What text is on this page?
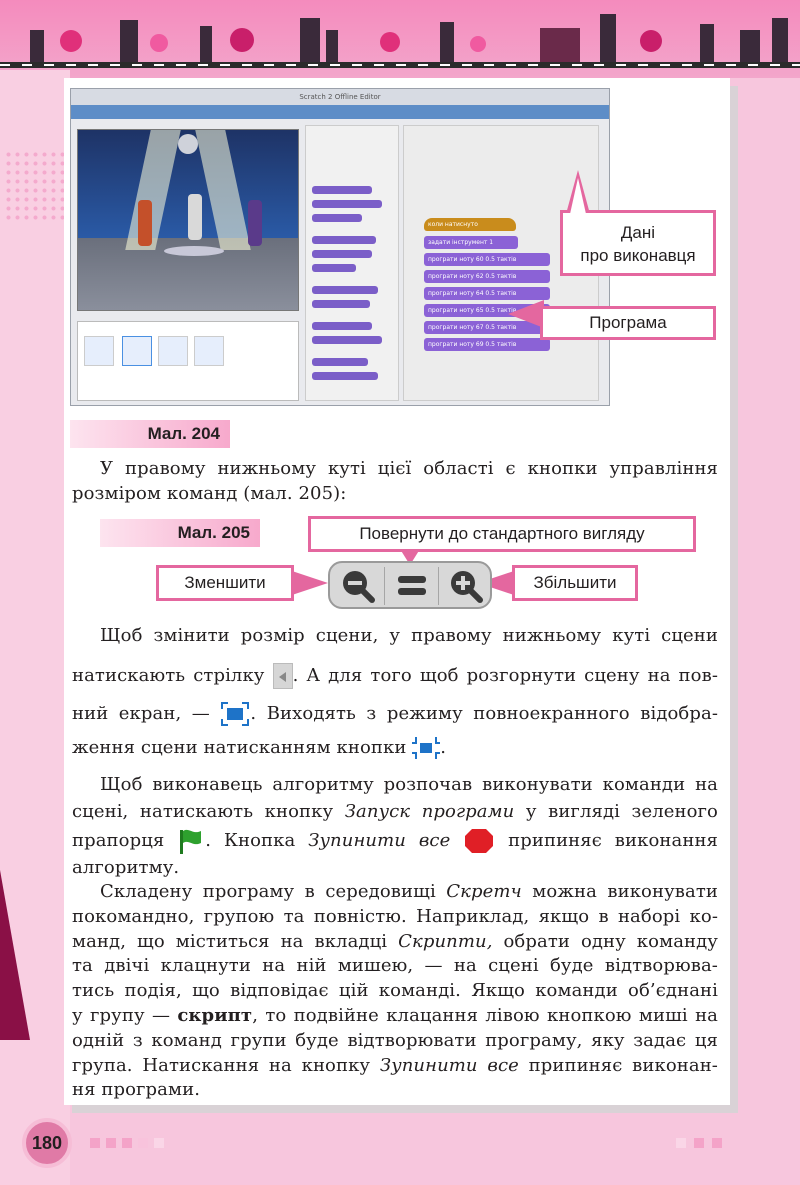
Scratch 2 Offline Editor
коли натиснуто
задати інструмент 1
програти ноту 60 0.5 тактів
програти ноту 62 0.5 тактів
програти ноту 64 0.5 тактів
програти ноту 65 0.5 тактів
програти ноту 67 0.5 тактів
програти ноту 69 0.5 тактів
Дані
про виконавця
Програма
Мал. 204
У правому нижньому куті цієї області є кнопки управління
розміром команд (мал. 205):
Мал. 205	Повернути до стандартного вигляду
Зменшити	Збільшити
Щоб змінити розмір сцени, у правому нижньому куті сцени
натискають стрілку . А для того щоб розгорнути сцену на пов-
ний екран, — . Виходять з режиму повноекранного відобра-
ження сцени натисканням кнопки .
Щоб виконавець алгоритму розпочав виконувати команди на
сцені, натискають кнопку Запуск програми у вигляді зеленого
прапорця . Кнопка Зупинити все	припиняє виконання
алгоритму.
Складену програму в середовищі Скретч можна виконувати
покомандно, групою та повністю. Наприклад, якщо в наборі ко-
манд, що міститься на вкладці Скрипти, обрати одну команду
та двічі клацнути на ній мишею, — на сцені буде відтворюва-
тись подія, що відповідає цій команді. Якщо команди об’єднані
у групу — скрипт, то подвійне клацання лівою кнопкою миші на
одній з команд групи буде відтворювати програму, яку задає ця
група. Натискання на кнопку Зупинити все припиняє виконан-
ня програми.
180
